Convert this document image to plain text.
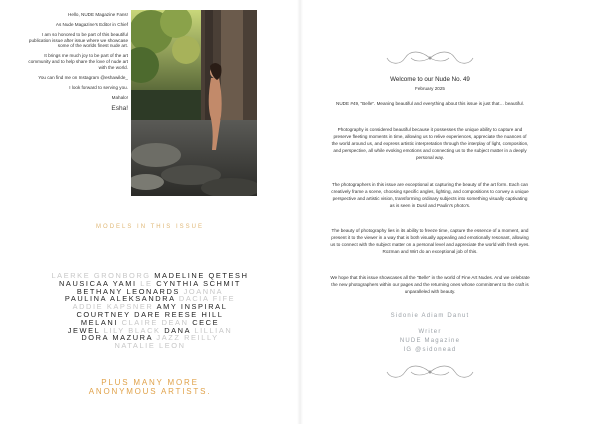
Hello, NUDE Magazine Fans!

As Nude Magazine's Editor in Chief

I am so honored to be part of this beautiful publication issue after issue where we showcase some of the worlds finest nude art.

It brings me much joy to be part of the art community and to help share the love of nude art with the world.

You can find me on Instagram @eshawilde_

I look forward to serving you.

Mahalo!

Esha!

MODELS IN THIS ISSUE
LAERKE GRONBORG MADELINE QETESH
NAUSICAA YAMI LE CYNTHIA SCHMIT
BETHANY LEONARDS JOANNA
PAULINA ALEKSANDRA DACIA FIFE
ADDIE KAPSNER AMY INSPIRAL
COURTNEY DARE REESE HILL
MELANI CLAIRE DEAN CECE
JEWEL LILY BLACK DANA LILLIAN
DORA MAZURA JAZZ REILLY
NATALIE LEON
PLUS MANY MORE
ANONYMOUS ARTISTS.
Welcome to our Nude No. 49
February 2025

NUDE #49, "Belle". Meaning beautiful and everything about this issue is just that… beautiful.

Photography is considered beautiful because it possesses the unique ability to capture and preserve fleeting moments in time, allowing us to relive experiences, appreciate the nuances of the world around us, and express artistic interpretation through the interplay of light, composition, and perspective, all while evoking emotions and connecting us to the subject matter in a deeply personal way.

The photographers in this issue are exceptional at capturing the beauty of the art form. Each can creatively frame a scene, choosing specific angles, lighting, and compositions to convey a unique perspective and artistic vision, transforming ordinary subjects into something visually captivating as is seen in Dusil and Paulin's photo's.

The beauty of photography lies in its ability to freeze time, capture the essence of a moment, and present it to the viewer in a way that is both visually appealing and emotionally resonant, allowing us to connect with the subject matter on a personal level and appreciate the world with fresh eyes. Rozman and Wirt do an exceptional job of this.

We hope that this issue showcases all the "Belle" in the world of Fine Art Nudes. And we celebrate the new photographers within our pages and the returning ones whose commitment to the craft is unparalleled with beauty.

Sidonie Adiam Danut
Writer
NUDE Magazine
IG @sidonead
